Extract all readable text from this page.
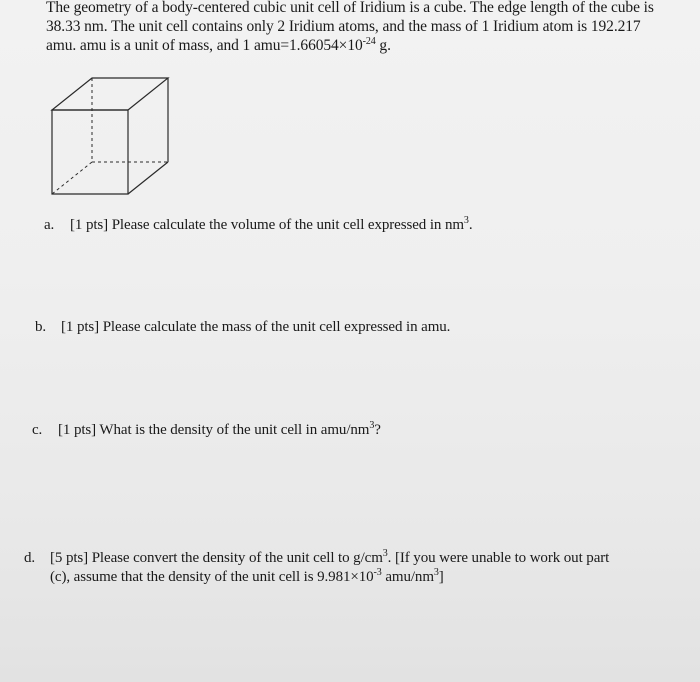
The geometry of a body-centered cubic unit cell of Iridium is a cube. The edge length of the cube is

38.33 nm. The unit cell contains only 2 Iridium atoms, and the mass of 1 Iridium atom is 192.217

amu. amu is a unit of mass, and 1 $amu=1.66054\times 10^{-24}$ g.

a. [1 pts] Please calculate the volume of the unit cell expressed in $nm^3$.
b. [1 pts] Please calculate the mass of the unit cell expressed in amu.
c. [1 pts] What is the density of the unit cell in amu/$nm^3$?
d. [5 pts] Please convert the density of the unit cell to $g/cm^3$. [If you were unable to work out part
(c), assume that the density of the unit cell is $9.981\times 10^{-3}$ amu/$nm^3$]
